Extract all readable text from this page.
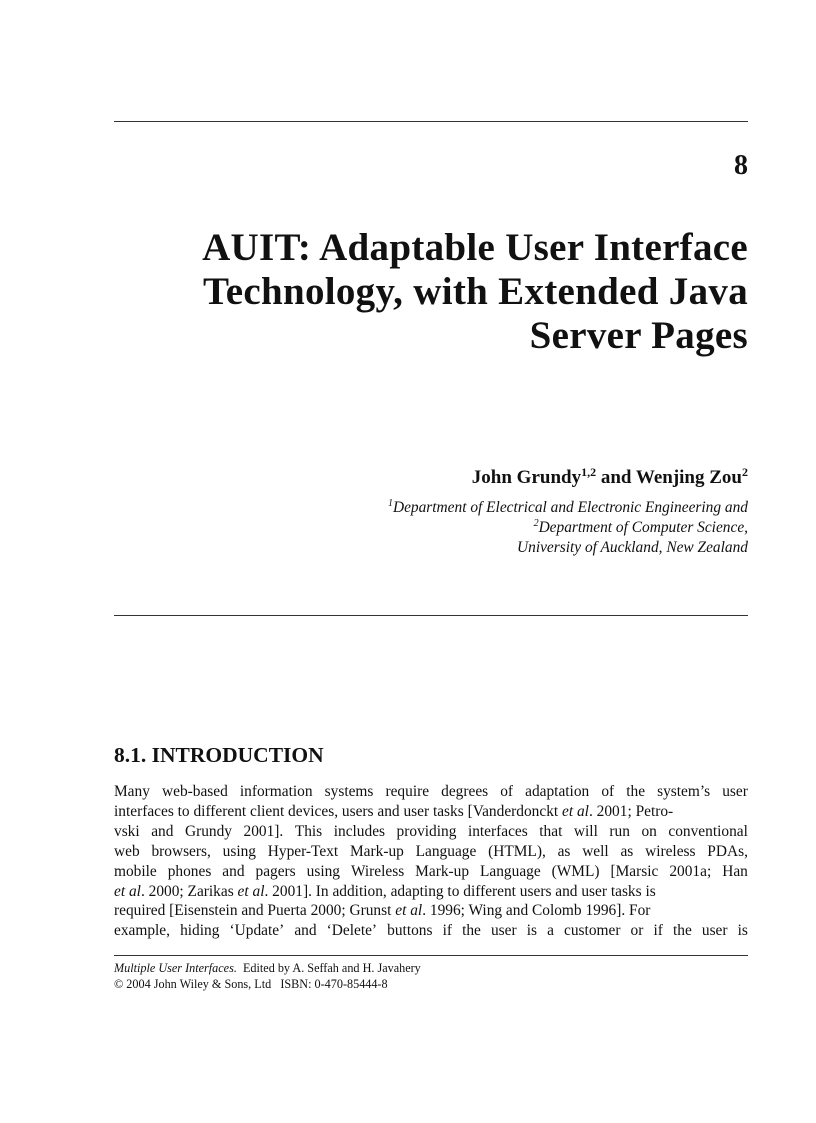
8
AUIT: Adaptable User Interface
Technology, with Extended Java
Server Pages
John Grundy$^{1,2}$ and Wenjing Zou$^2$
$^1$Department of Electrical and Electronic Engineering and
$^2$Department of Computer Science,
University of Auckland, New Zealand
8.1. INTRODUCTION
Many web-based information systems require degrees of adaptation of the system’s user
interfaces to different client devices, users and user tasks [Vanderdonckt et al. 2001; Petro-
vski and Grundy 2001]. This includes providing interfaces that will run on conventional
web browsers, using Hyper-Text Mark-up Language (HTML), as well as wireless PDAs,
mobile phones and pagers using Wireless Mark-up Language (WML) [Marsic 2001a; Han
et al. 2000; Zarikas et al. 2001]. In addition, adapting to different users and user tasks is
required [Eisenstein and Puerta 2000; Grunst et al. 1996; Wing and Colomb 1996]. For
example, hiding ‘Update’ and ‘Delete’ buttons if the user is a customer or if the user is
Multiple User Interfaces. Edited by A. Seffah and H. Javahery
© 2004 John Wiley & Sons, Ltd ISBN: 0-470-85444-8
